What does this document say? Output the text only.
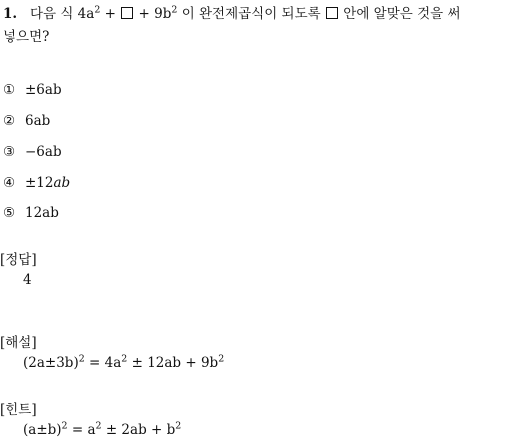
1. 다음 식 $4a^2$ + + $9b^2$ 이 완전제곱식이 되도록 안에 알맞은 것을 써
넣으면?
① ±6ab
② 6ab
③ −6ab
④ ±12ab
⑤ 12ab
[정답]
4
[해설]
$(2a\pm 3b)^2 = 4a^2 \pm 12ab + 9b^2$
[힌트]
$(a\pm b)^2 = a^2 \pm 2ab + b^2$
